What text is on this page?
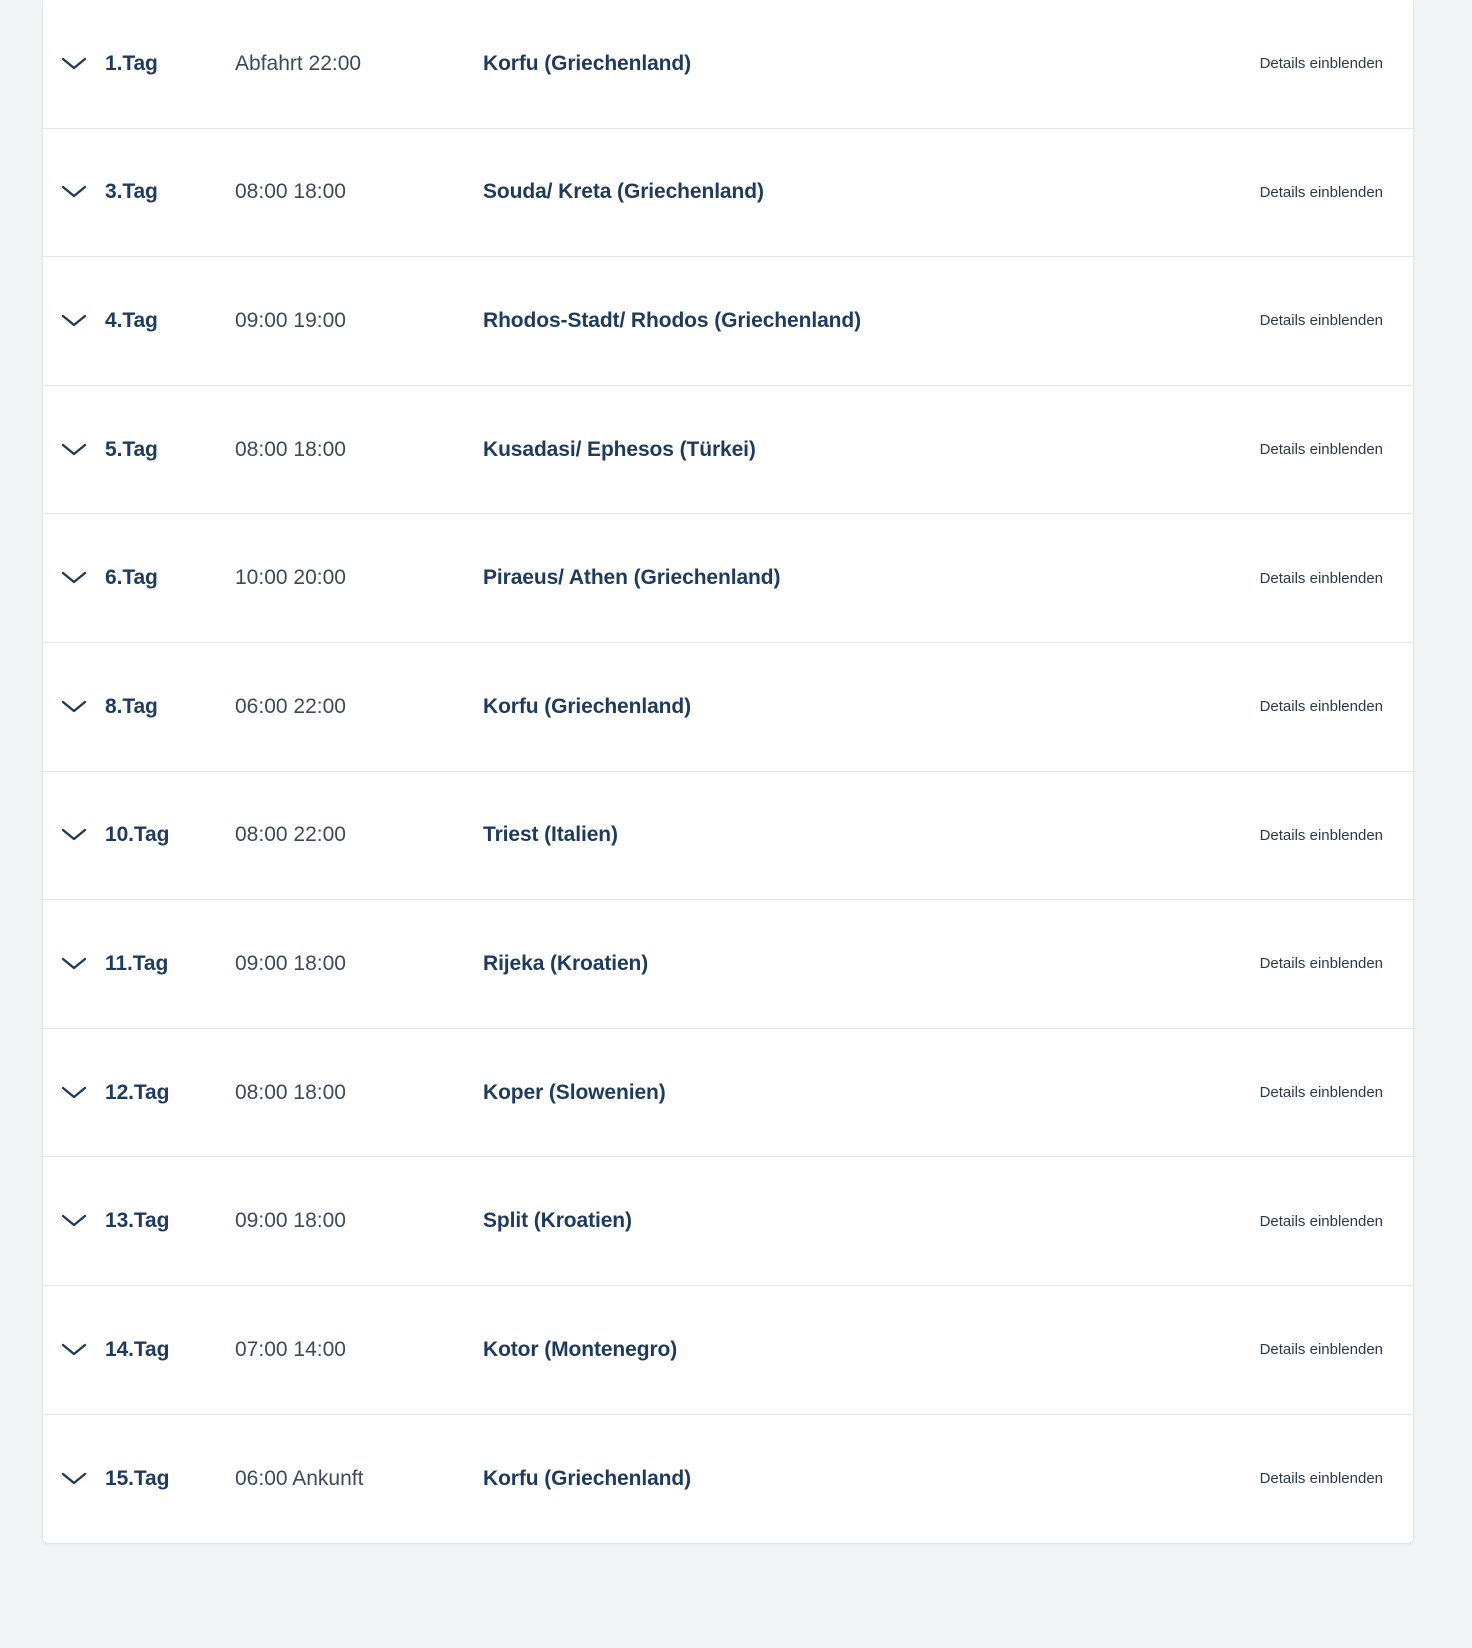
1.Tag	Abfahrt 22:00	Korfu (Griechenland)	Details einblenden
3.Tag	08:00 18:00	Souda/ Kreta (Griechenland)	Details einblenden
4.Tag	09:00 19:00	Rhodos-Stadt/ Rhodos (Griechenland)	Details einblenden
5.Tag	08:00 18:00	Kusadasi/ Ephesos (Türkei)	Details einblenden
6.Tag	10:00 20:00	Piraeus/ Athen (Griechenland)	Details einblenden
8.Tag	06:00 22:00	Korfu (Griechenland)	Details einblenden
10.Tag	08:00 22:00	Triest (Italien)	Details einblenden
11.Tag	09:00 18:00	Rijeka (Kroatien)	Details einblenden
12.Tag	08:00 18:00	Koper (Slowenien)	Details einblenden
13.Tag	09:00 18:00	Split (Kroatien)	Details einblenden
14.Tag	07:00 14:00	Kotor (Montenegro)	Details einblenden
15.Tag	06:00 Ankunft	Korfu (Griechenland)	Details einblenden
